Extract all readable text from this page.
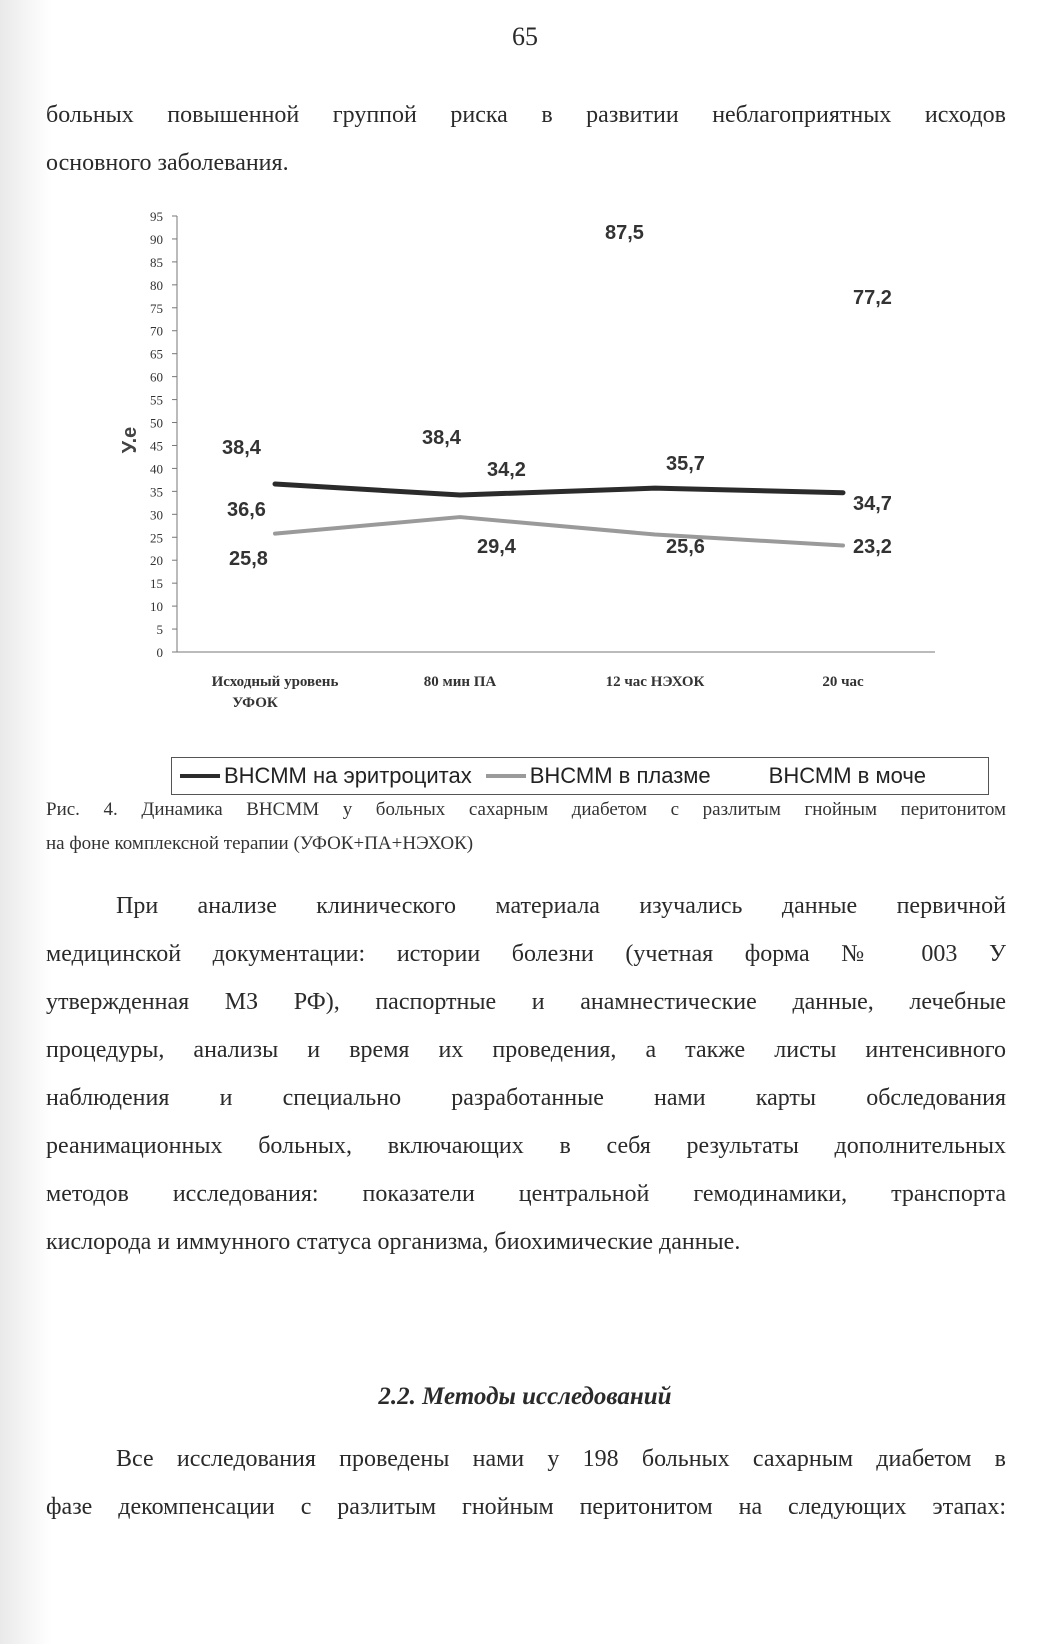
65
больных повышенной группой риска в развитии неблагоприятных исходов
основного заболевания.
0
5
10
15
20
25
30
35
40
45
50
55
60
65
70
75
80
85
90
95
У.е
Исходный уровень
УФОК
80 мин ПА	12 час НЭХОК	20 час
36,6
34,2	35,7
34,7
25,8
29,4	25,6	23,2
38,4	38,4
87,5
77,2
ВНСММ на эритроцитах	ВНСММ в плазме	ВНСММ в моче
Рис. 4. Динамика ВНСММ у больных сахарным диабетом с разлитым гнойным перитонитом
на фоне комплексной терапии (УФОК+ПА+НЭХОК)
При анализе клинического материала изучались данные первичной
медицинской документации: истории болезни (учетная форма № 003 У
утвержденная МЗ РФ), паспортные и анамнестические данные, лечебные
процедуры, анализы и время их проведения, а также листы интенсивного
наблюдения и специально разработанные нами карты обследования
реанимационных больных, включающих в себя результаты дополнительных
методов исследования: показатели центральной гемодинамики, транспорта
кислорода и иммунного статуса организма, биохимические данные.
2.2. Методы исследований
Все исследования проведены нами у 198 больных сахарным диабетом в
фазе декомпенсации с разлитым гнойным перитонитом на следующих этапах:
